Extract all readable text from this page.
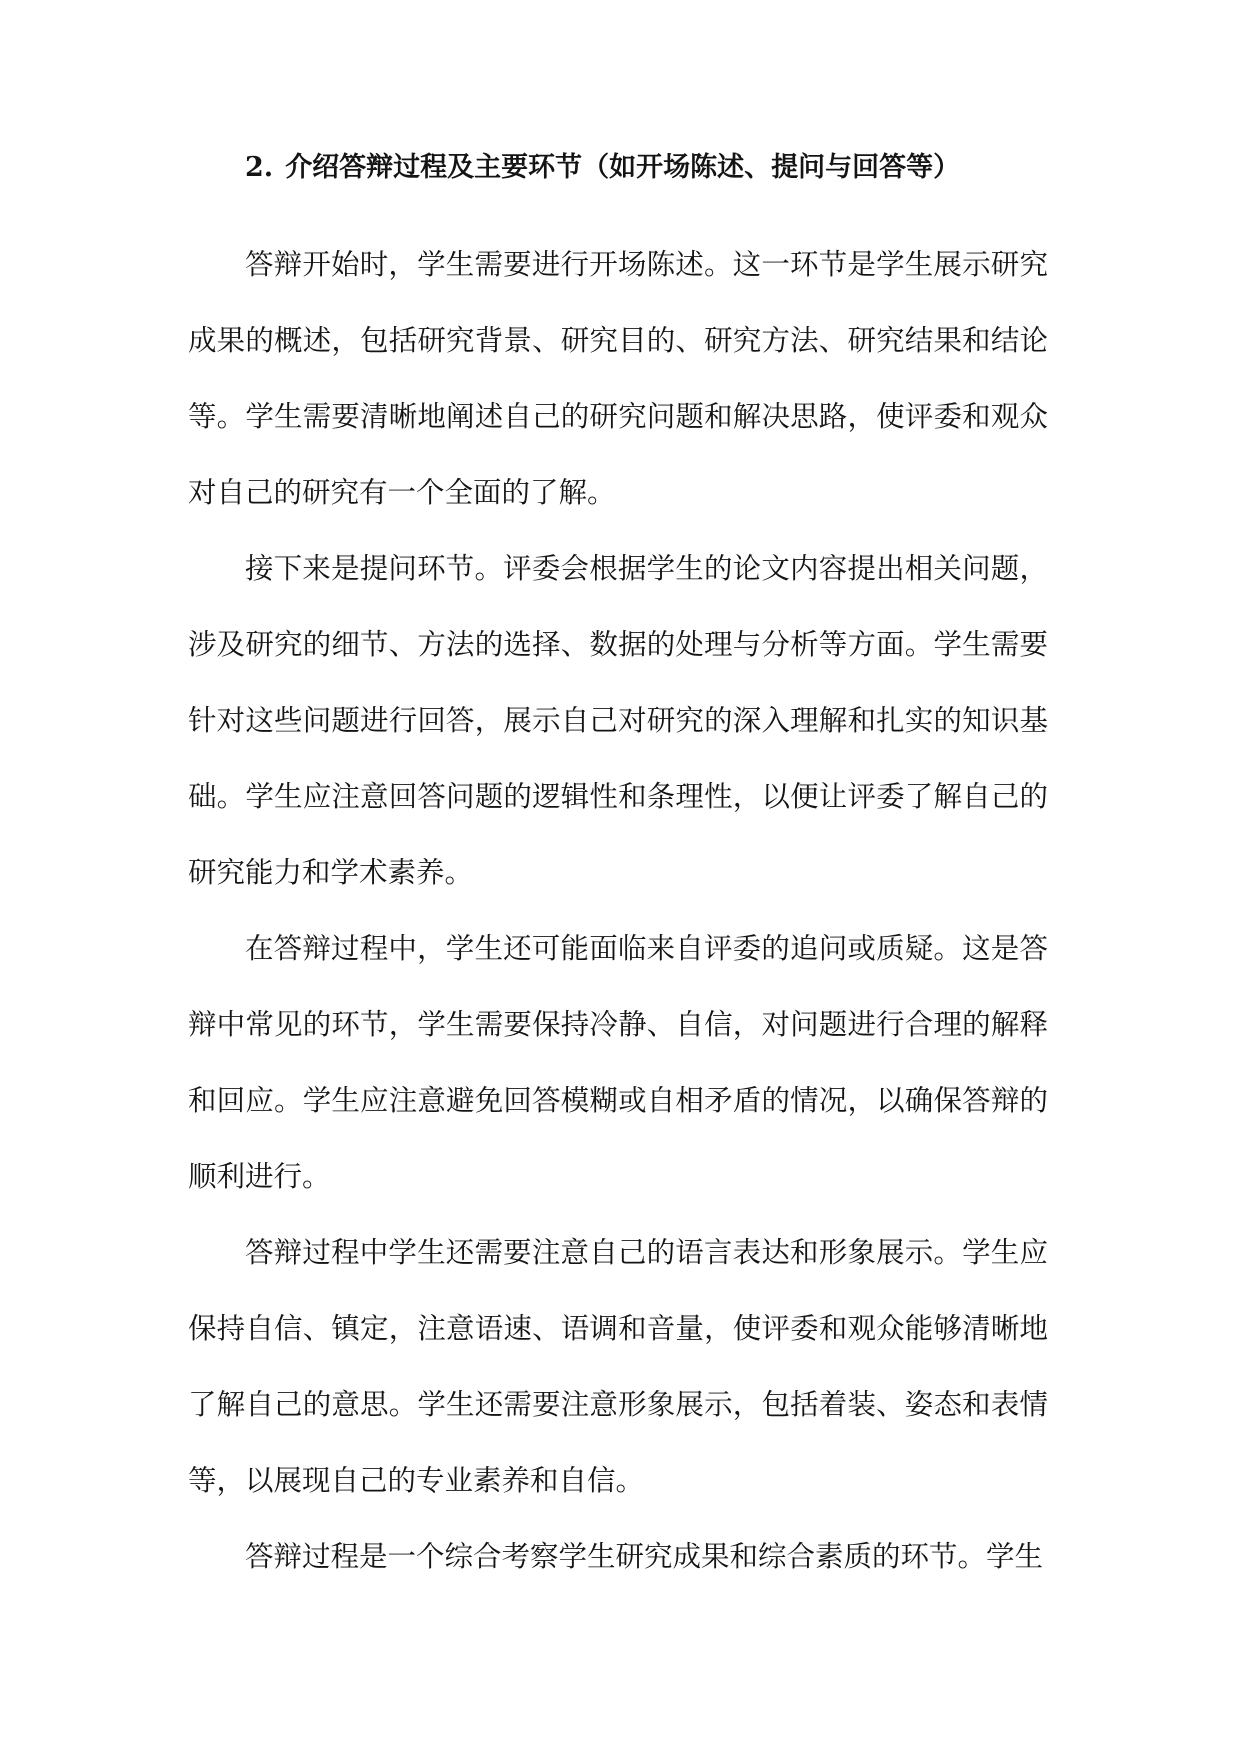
2. 介绍答辩过程及主要环节（如开场陈述、提问与回答等）

答辩开始时，学生需要进行开场陈述。这一环节是学生展示研究成果的概述，包括研究背景、研究目的、研究方法、研究结果和结论等。学生需要清晰地阐述自己的研究问题和解决思路，使评委和观众对自己的研究有一个全面的了解。

接下来是提问环节。评委会根据学生的论文内容提出相关问题，涉及研究的细节、方法的选择、数据的处理与分析等方面。学生需要针对这些问题进行回答，展示自己对研究的深入理解和扎实的知识基础。学生应注意回答问题的逻辑性和条理性，以便让评委了解自己的研究能力和学术素养。

在答辩过程中，学生还可能面临来自评委的追问或质疑。这是答辩中常见的环节，学生需要保持冷静、自信，对问题进行合理的解释和回应。学生应注意避免回答模糊或自相矛盾的情况，以确保答辩的顺利进行。

答辩过程中学生还需要注意自己的语言表达和形象展示。学生应保持自信、镇定，注意语速、语调和音量，使评委和观众能够清晰地了解自己的意思。学生还需要注意形象展示，包括着装、姿态和表情等，以展现自己的专业素养和自信。

答辩过程是一个综合考察学生研究成果和综合素质的环节。学生
